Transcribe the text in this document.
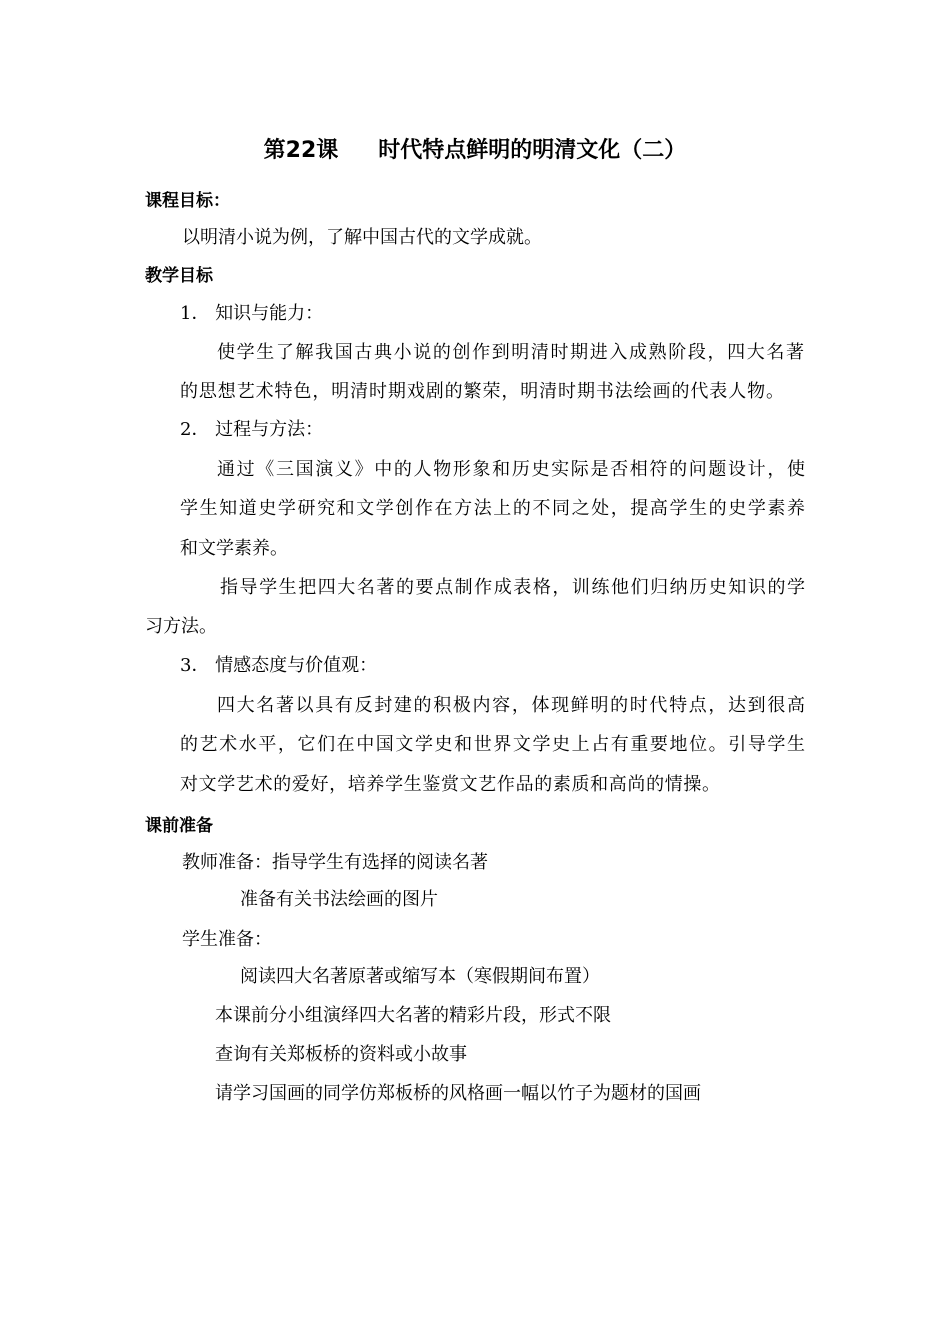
第22课 时代特点鲜明的明清文化（二）
课程目标：
以明清小说为例，了解中国古代的文学成就。
教学目标
1． 知识与能力：
使学生了解我国古典小说的创作到明清时期进入成熟阶段，四大名著
的思想艺术特色，明清时期戏剧的繁荣，明清时期书法绘画的代表人物。
2． 过程与方法：
通过《三国演义》中的人物形象和历史实际是否相符的问题设计，使
学生知道史学研究和文学创作在方法上的不同之处，提高学生的史学素养
和文学素养。
指导学生把四大名著的要点制作成表格，训练他们归纳历史知识的学
习方法。
3． 情感态度与价值观：
四大名著以具有反封建的积极内容，体现鲜明的时代特点，达到很高
的艺术水平，它们在中国文学史和世界文学史上占有重要地位。引导学生
对文学艺术的爱好，培养学生鉴赏文艺作品的素质和高尚的情操。
课前准备
教师准备：指导学生有选择的阅读名著
准备有关书法绘画的图片
学生准备：
阅读四大名著原著或缩写本（寒假期间布置）
本课前分小组演绎四大名著的精彩片段，形式不限
查询有关郑板桥的资料或小故事
请学习国画的同学仿郑板桥的风格画一幅以竹子为题材的国画
